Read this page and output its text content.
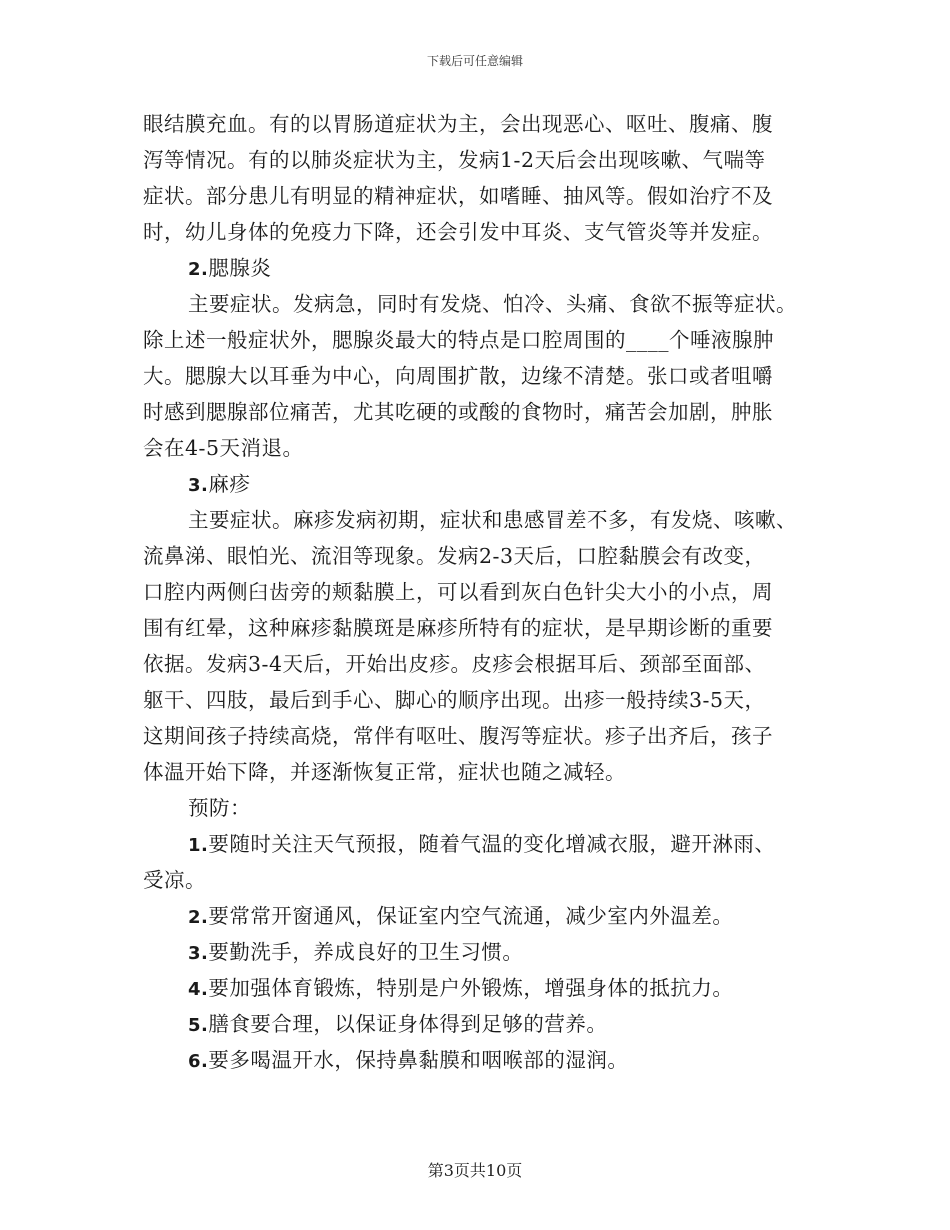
下载后可任意编辑
眼结膜充血。有的以胃肠道症状为主，会出现恶心、呕吐、腹痛、腹
泻等情况。有的以肺炎症状为主，发病1-2天后会出现咳嗽、气喘等
症状。部分患儿有明显的精神症状，如嗜睡、抽风等。假如治疗不及
时，幼儿身体的免疫力下降，还会引发中耳炎、支气管炎等并发症。
2.腮腺炎
主要症状。发病急，同时有发烧、怕冷、头痛、食欲不振等症状。
除上述一般症状外，腮腺炎最大的特点是口腔周围的____个唾液腺肿
大。腮腺大以耳垂为中心，向周围扩散，边缘不清楚。张口或者咀嚼
时感到腮腺部位痛苦，尤其吃硬的或酸的食物时，痛苦会加剧，肿胀
会在4-5天消退。
3.麻疹
主要症状。麻疹发病初期，症状和患感冒差不多，有发烧、咳嗽、
流鼻涕、眼怕光、流泪等现象。发病2-3天后，口腔黏膜会有改变，
口腔内两侧臼齿旁的颊黏膜上，可以看到灰白色针尖大小的小点，周
围有红晕，这种麻疹黏膜斑是麻疹所特有的症状，是早期诊断的重要
依据。发病3-4天后，开始出皮疹。皮疹会根据耳后、颈部至面部、
躯干、四肢，最后到手心、脚心的顺序出现。出疹一般持续3-5天，
这期间孩子持续高烧，常伴有呕吐、腹泻等症状。疹子出齐后，孩子
体温开始下降，并逐渐恢复正常，症状也随之减轻。
预防：
1.要随时关注天气预报，随着气温的变化增减衣服，避开淋雨、
受凉。
2.要常常开窗通风，保证室内空气流通，减少室内外温差。
3.要勤洗手，养成良好的卫生习惯。
4.要加强体育锻炼，特别是户外锻炼，增强身体的抵抗力。
5.膳食要合理，以保证身体得到足够的营养。
6.要多喝温开水，保持鼻黏膜和咽喉部的湿润。
第3页共10页
